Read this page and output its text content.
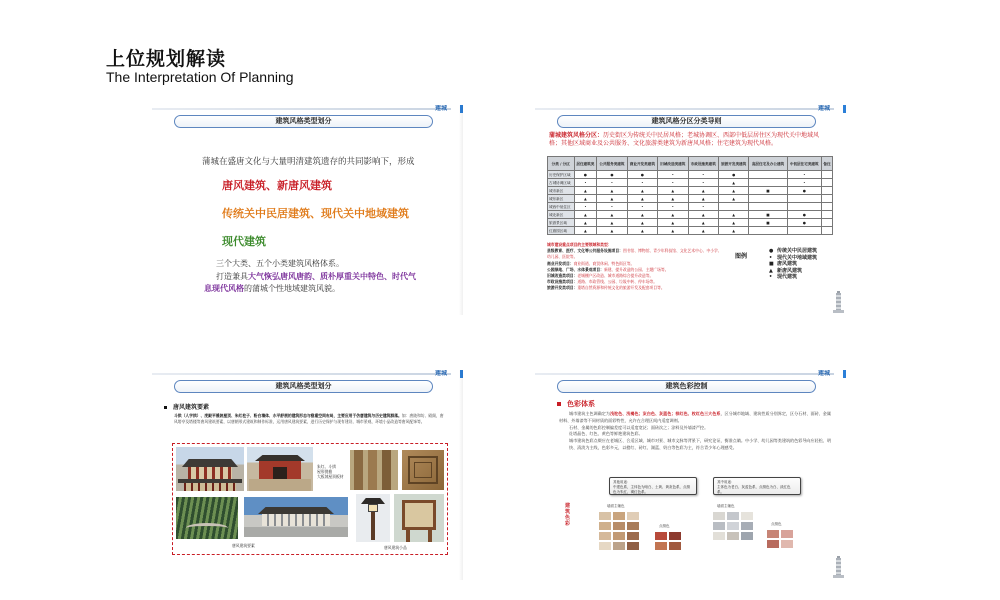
上位规划解读
The Interpretation Of Planning
莲城
建筑风格类型划分
蒲城在盛唐文化与大量明清建筑遗存的共同影响下，形成
唐风建筑、新唐风建筑
传统关中民居建筑、现代关中地域建筑
现代建筑
三个大类、五个小类建筑风格体系。
打造兼具大气恢弘唐风唐韵、质朴厚重关中特色、时代气息现代风格的蒲城个性地域建筑风貌。
莲城
建筑风格分区分类导则
蒲城建筑风格分区：历史街区为传统关中民居风格；老城协调区、西部中低层居住区为现代关中地域风格；其他区域商业及公共服务、文化旅游类建筑为新唐风风格；住宅建筑为现代风格。
分类 / 分区	居住建筑类	公共服务类建筑	商业开发类建筑	旧城改造类建筑	市政设施类建筑	旅游开发类建筑	高层住宅及办公建筑	中低层住宅类建筑	备注
历史保护区域	●	●	●	•	•	●		•	
古城协调区域	•	•	•	•	•	▲		•	
城市新区	▲	▲	▲	▲	▲	▲	■	●	
城东新区	▲	▲	▲	▲	▲	▲			
城西中低住区	•	•	•	•	•				
城北新区	▲	▲	▲	▲	▲	▲	■	●	
旅游景区域	▲	▲	▲	▲	▲	▲	■	●	
红旗园区域	▲	▲	▲	▲	▲	▲			
城市建设重点项目的主要领域和类型：
县级教育、医疗、文化等公共服务设施项目：图书馆、博物馆、青少年科技馆、文化艺术中心、中小学、幼儿园、医院等。
商业开发项目：商业街道、商贸休闲、特色街区等。
公园绿地、广场、水体景观项目：新建、提升改造的公园、主题广场等。
旧城改造类项目：老城棚户区改造、城市道路综合提升改造等。
市政设施类项目：道路、市政管线、公园、垃圾中转、停车场等。
旅游开发类项目：重塔自然资源和传统文化的旅游开发及配套项目等。
图例
● 传统关中民居建筑
• 现代关中地域建筑
■ 唐风建筑
▲ 新唐风建筑
• 现代建筑
莲城
建筑风格类型划分
唐风建筑要素
斗拱（人字拱）、庑殿平缓坡屋顶、朱红柱子、粉白墙体、水平舒展的建筑形态与稳重空间布局，主要应用于仿唐建筑与历史建筑群落。如：唐陵和坊、殿阁，唐风塔亭及塔楼等唐风建筑要素，以唐朝形式建筑和制作标准，运用唐风建筑要素，进行历史保护与现有建设、城市景观、环境小品改造等唐风配饰等。
朱红、斗拱
屋形挑檐
大板坡屋顶板材
唐风建筑要素	唐风建筑小品
莲城
建筑色彩控制
色彩体系
城市建筑主色调确定为浅驼色、浅褐色；灰白色、灰蓝色；棕红色、枚红色三大色系，区分城市地域、建筑性质分别界定，区分石材、面砖、金属材料、外墙漆等不同材质的面彩特性，允许在合理区间内适度调剂。
石材、金属的色彩控制偏差度可以适度宽泛；面砖次之；涂料及外墙漆严控。
灶塔晶色、红色、黄色等鲜艳建筑色彩。
城市建筑色彩点缀应在老城区、合适区域、城市对景、城市文脉等背景下，研究论证，衡准点睛。中小学、幼儿园等类建筑的色彩导向应轻松、明快、清淡为主线，色彩多元，以橙红、砖红、湖蓝、奶白等色彩为主，符合青少年心理感受。
其他用途：
中建色系，主体色为暗白、土黄、黄灰色系，点缀色为朱红、褐红色系。
其中用途：
主体色为老白、灰蓝色系，点缀色为白、淡红色系。
建筑色彩
墙面主辅色
点缀色
墙面主辅色
点缀色
